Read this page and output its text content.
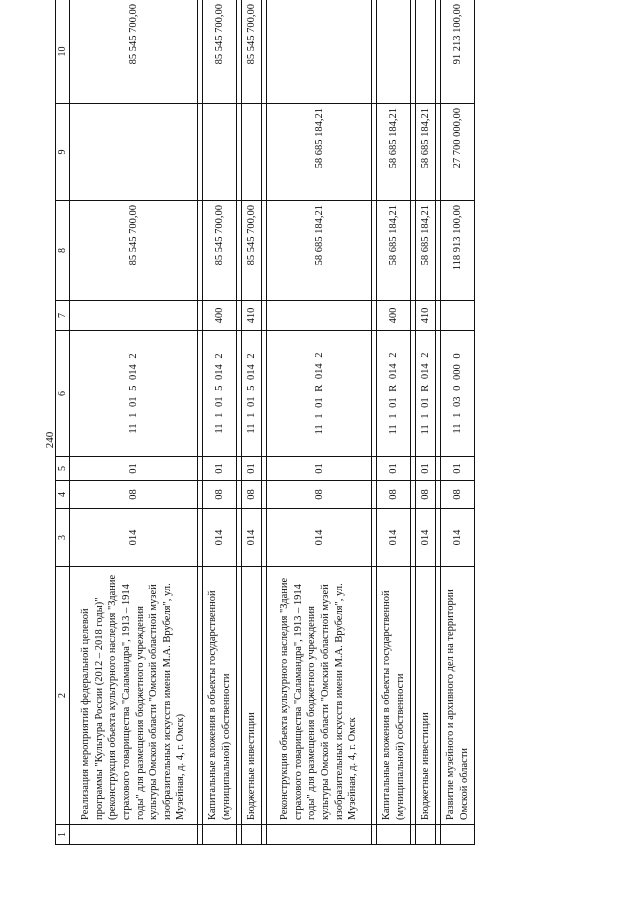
240
1	2	3	4	5	6	7	8	9	10
	Реализация мероприятий федеральной целевой программы "Культура России (2012 – 2018 годы)" (реконструкция объекта культурного наследия "Здание страхового товарищества "Саламандра", 1913 – 1914 годы" для размещения бюджетного учреждения культуры Омской области "Омский областной музей изобразительных искусств имени М.А. Врубеля", ул. Музейная, д. 4, г. Омск)	014	08	01	11 1 01 5 014 2		85 545 700,00		85 545 700,00

	Капитальные вложения в объекты государственной (муниципальной) собственности	014	08	01	11 1 01 5 014 2	400	85 545 700,00		85 545 700,00

	Бюджетные инвестиции	014	08	01	11 1 01 5 014 2	410	85 545 700,00		85 545 700,00

	Реконструкция объекта культурного наследия "Здание страхового товарищества "Саламандра", 1913 – 1914 годы" для размещения бюджетного учреждения культуры Омской области "Омский областной музей изобразительных искусств имени М.А. Врубеля", ул. Музейная, д. 4, г. Омск	014	08	01	11 1 01 R 014 2		58 685 184,21	58 685 184,21	

	Капитальные вложения в объекты государственной (муниципальной) собственности	014	08	01	11 1 01 R 014 2	400	58 685 184,21	58 685 184,21	

	Бюджетные инвестиции	014	08	01	11 1 01 R 014 2	410	58 685 184,21	58 685 184,21	

	Развитие музейного и архивного дел на территории Омской области	014	08	01	11 1 03 0 000 0		118 913 100,00	27 700 000,00	91 213 100,00
